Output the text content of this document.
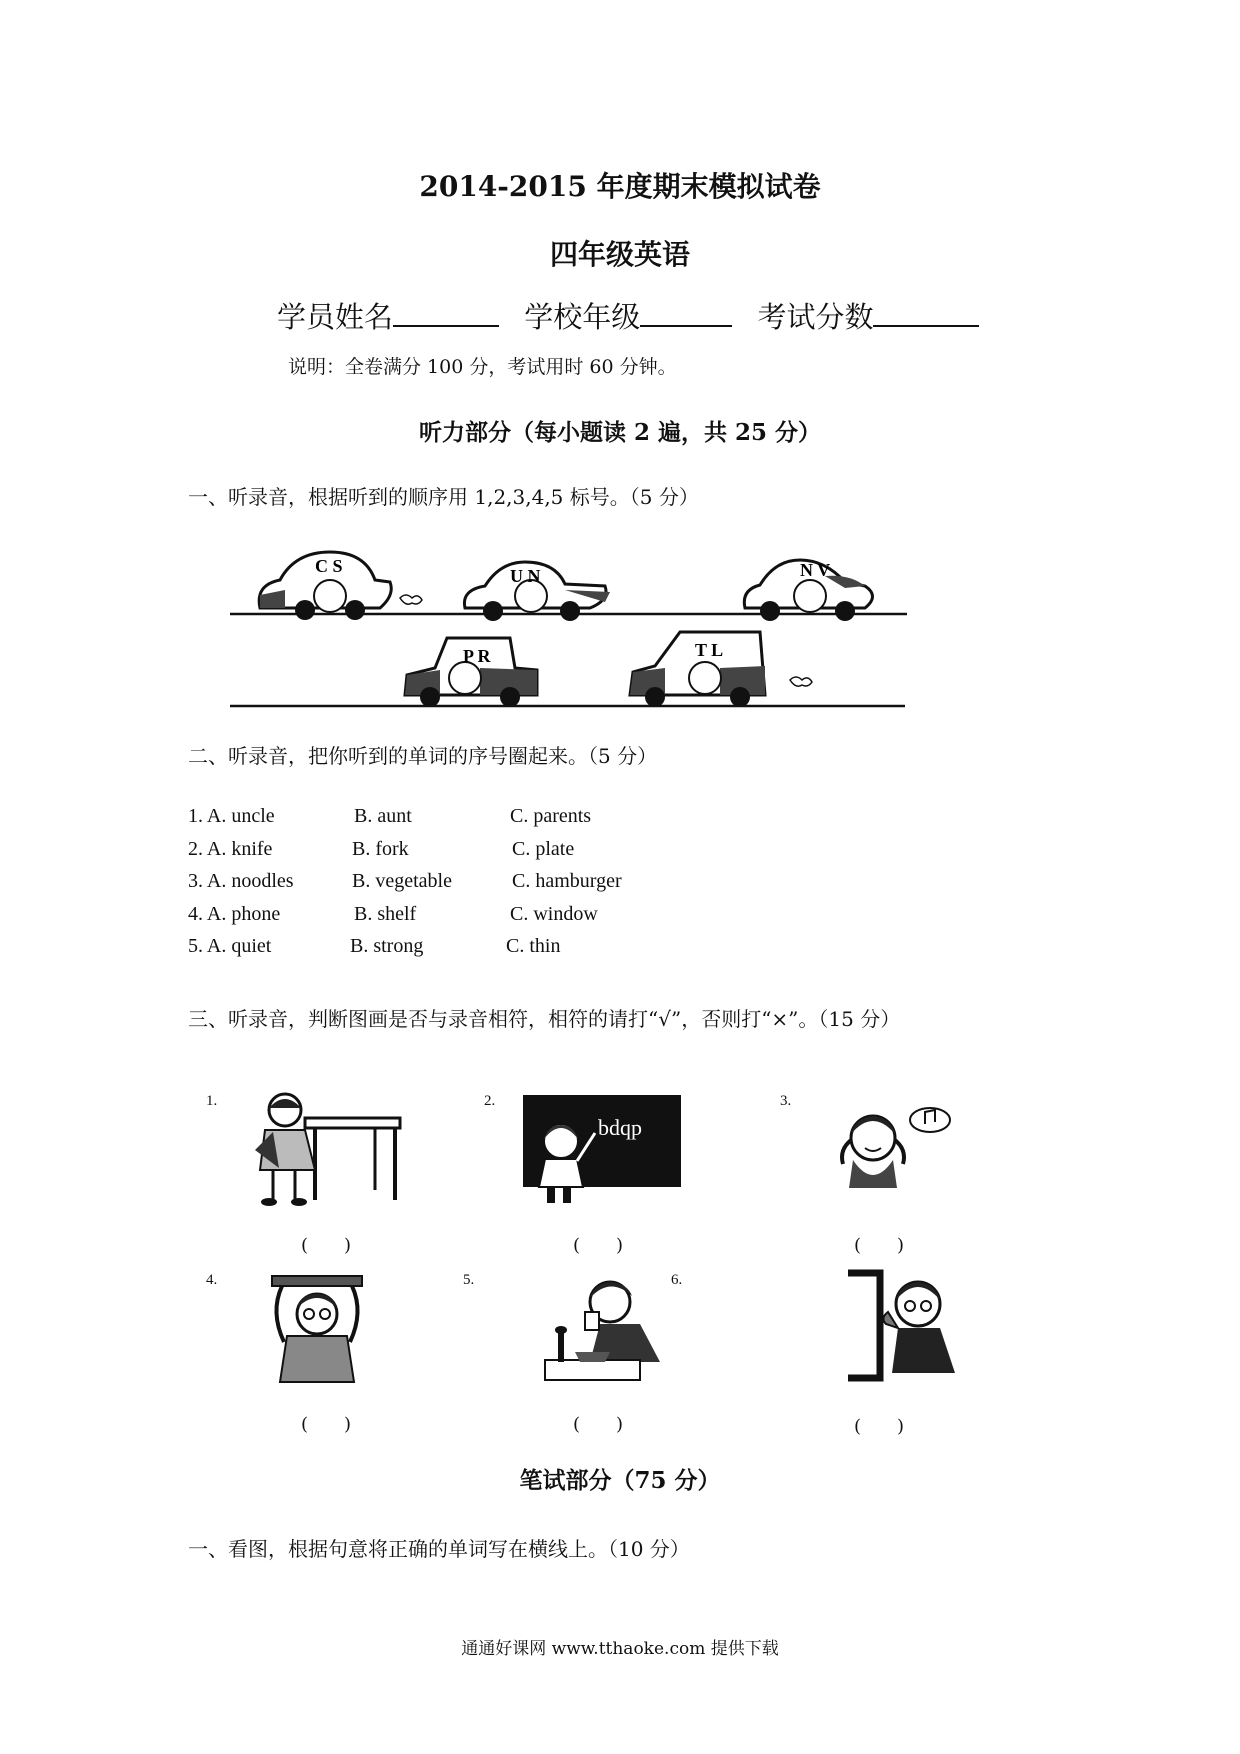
2014-2015 年度期末模拟试卷
四年级英语
学员姓名	学校年级	考试分数
说明：全卷满分 100 分，考试用时 60 分钟。
听力部分（每小题读 2 遍，共 25 分）
一、听录音，根据听到的顺序用 1,2,3,4,5 标号。（5 分）
C S	U N	N V
P R	T L
二、听录音，把你听到的单词的序号圈起来。（5 分）
1. A. uncle	B. aunt	C. parents
2. A. knife	B. fork	C. plate
3. A. noodles	B. vegetable	C. hamburger
4. A. phone	B. shelf	C. window
5. A. quiet	B. strong	C. thin
三、听录音，判断图画是否与录音相符，相符的请打“√”，否则打“×”。（15 分）
1.
(　　)
2.
bdqp
(　　)
3.
(　　)
4.
(　　)
5.
(　　)
6.
(　　)
笔试部分（75 分）
一、看图，根据句意将正确的单词写在横线上。（10 分）
通通好课网 www.tthaoke.com 提供下载
